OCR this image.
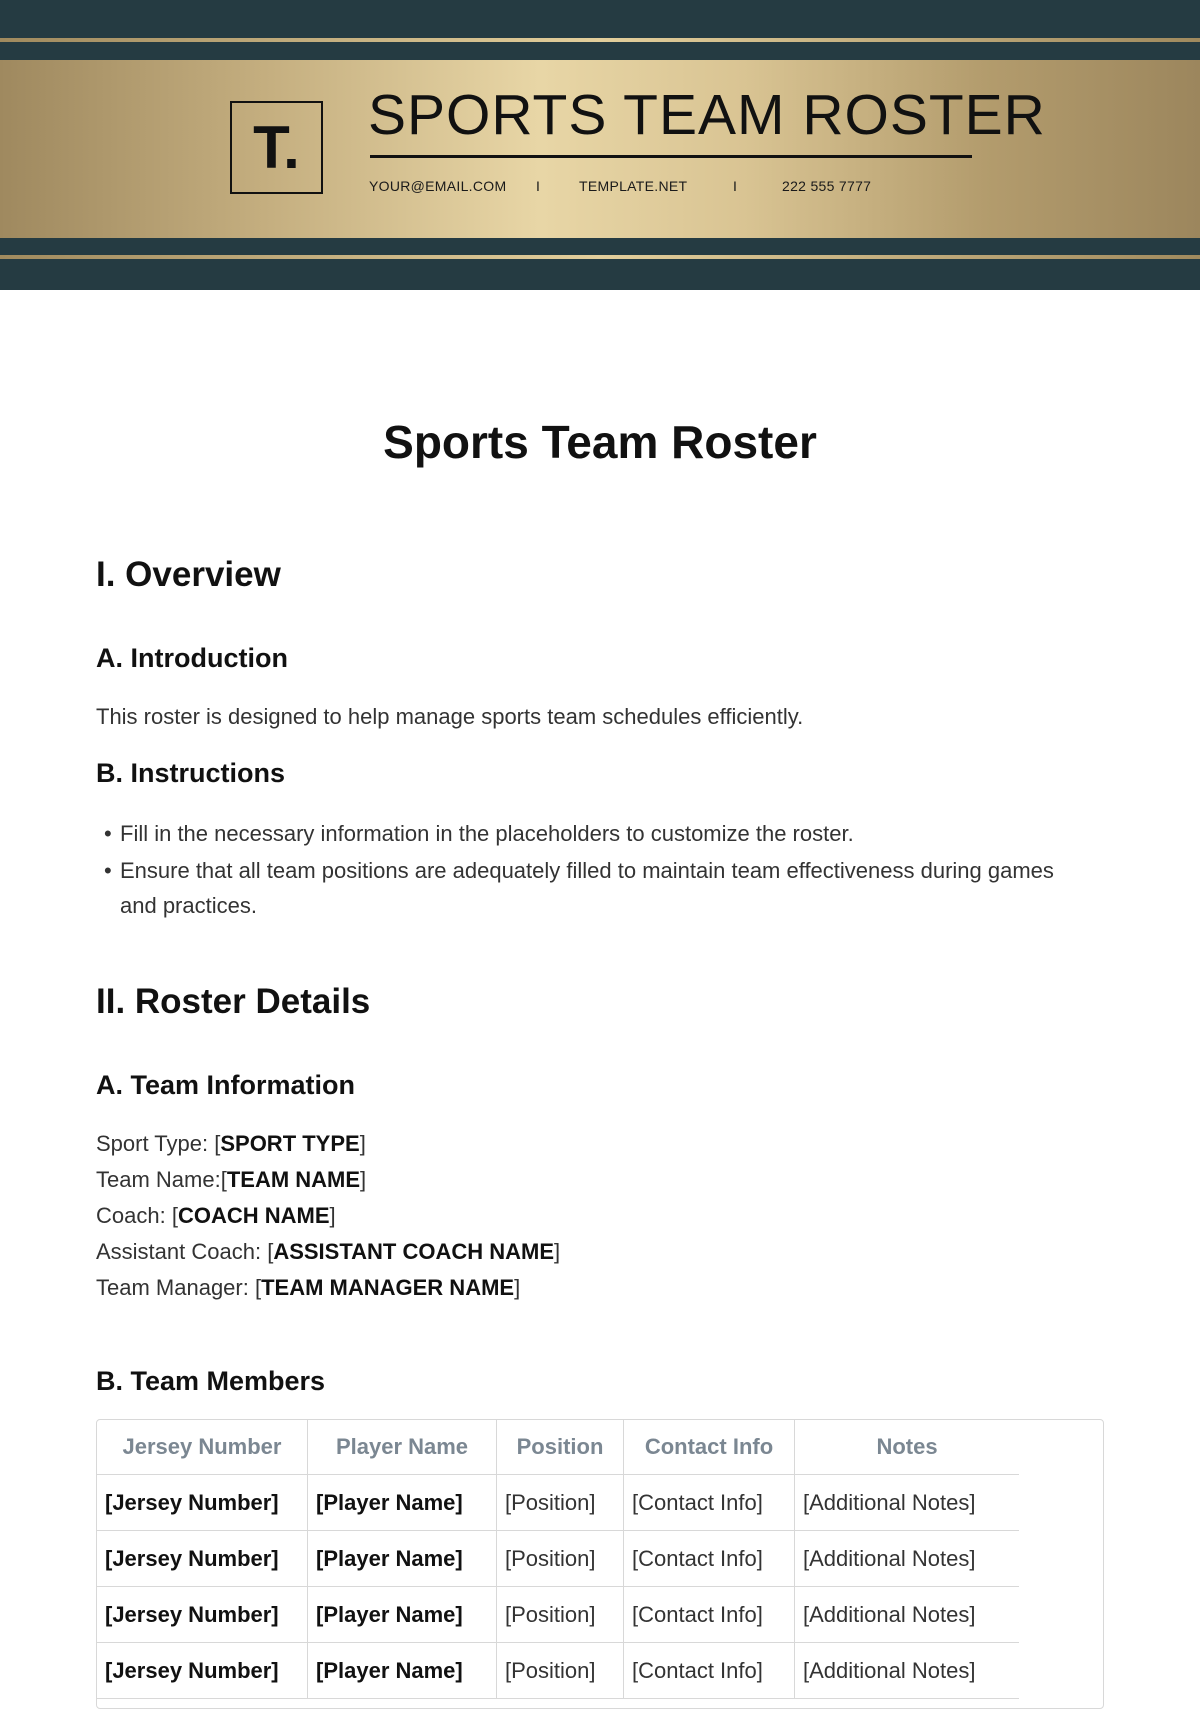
T. SPORTS TEAM ROSTER
YOUR@EMAIL.COM I	TEMPLATE.NET	I	222 555 7777
Sports Team Roster
I. Overview
A. Introduction

This roster is designed to help manage sports team schedules efficiently.

B. Instructions
• Fill in the necessary information in the placeholders to customize the roster.
• Ensure that all team positions are adequately filled to maintain team effectiveness during games and practices.
II. Roster Details
A. Team Information
Sport Type: [SPORT TYPE]
Team Name:[TEAM NAME]
Coach: [COACH NAME]
Assistant Coach: [ASSISTANT COACH NAME]
Team Manager: [TEAM MANAGER NAME]
B. Team Members
Jersey Number	Player Name	Position	Contact Info	Notes
[Jersey Number]	[Player Name]	[Position]	[Contact Info]	[Additional Notes]
[Jersey Number]	[Player Name]	[Position]	[Contact Info]	[Additional Notes]
[Jersey Number]	[Player Name]	[Position]	[Contact Info]	[Additional Notes]
[Jersey Number]	[Player Name]	[Position]	[Contact Info]	[Additional Notes]
